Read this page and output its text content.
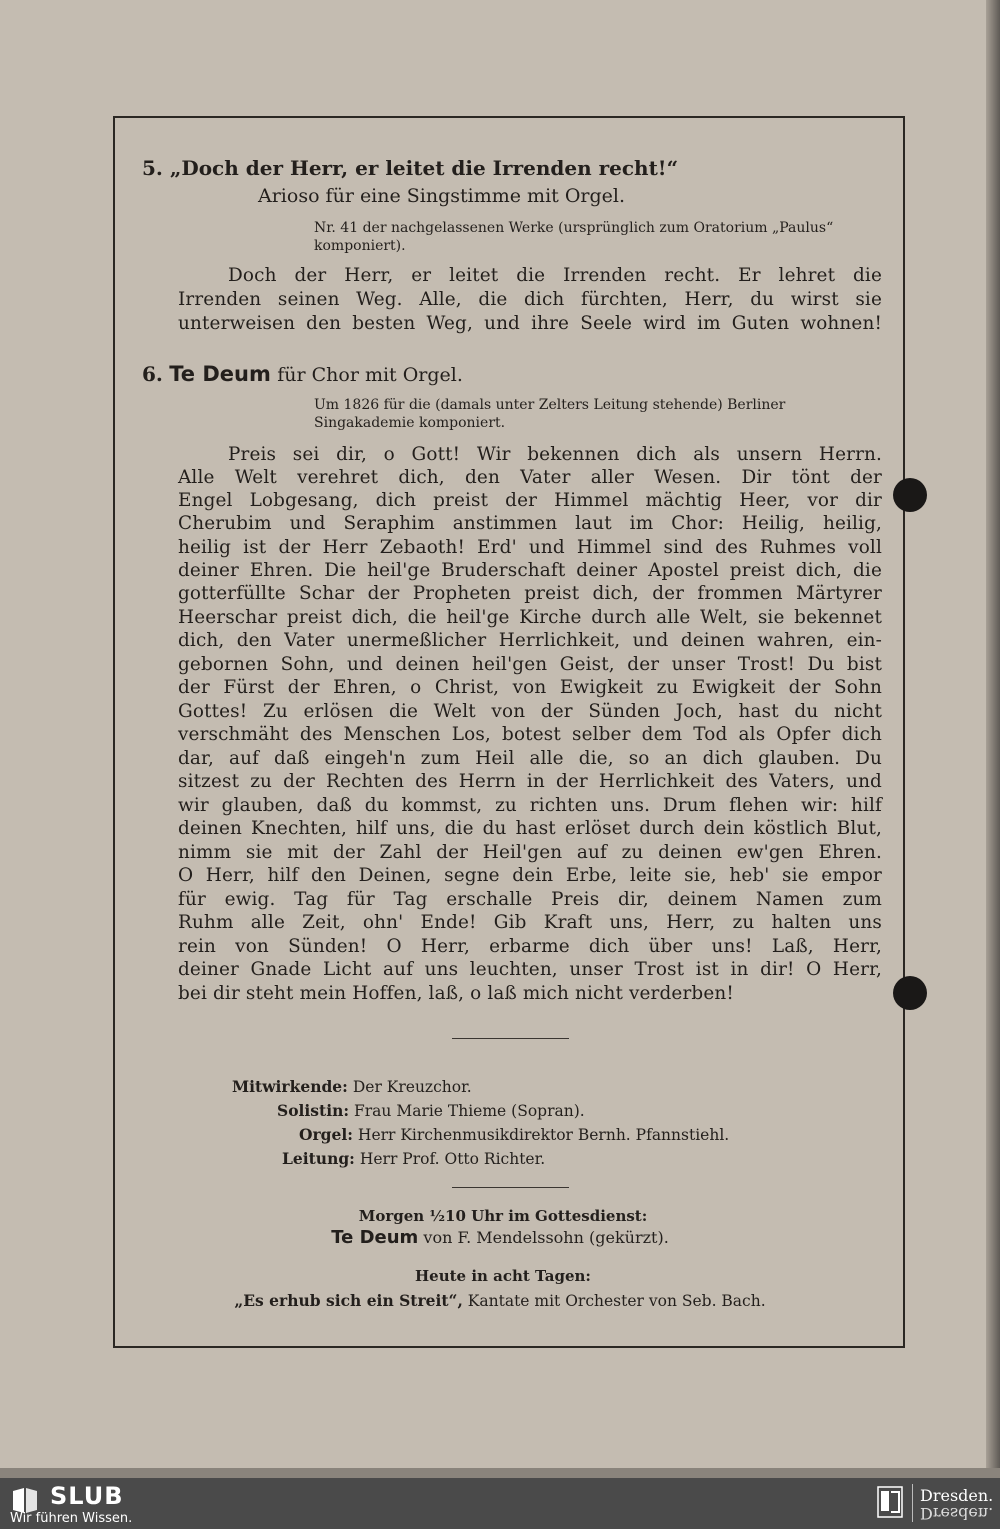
5. „Doch der Herr, er leitet die Irrenden recht!“
Arioso für eine Singstimme mit Orgel.
Nr. 41 der nachgelassenen Werke (ursprünglich zum Oratorium „Paulus“
komponiert).
Doch der Herr, er leitet die Irrenden recht. Er lehret die
Irrenden seinen Weg. Alle, die dich fürchten, Herr, du wirst sie
unterweisen den besten Weg, und ihre Seele wird im Guten wohnen!
6. Te Deum für Chor mit Orgel.
Um 1826 für die (damals unter Zelters Leitung stehende) Berliner
Singakademie komponiert.
Preis sei dir, o Gott! Wir bekennen dich als unsern Herrn.
Alle Welt verehret dich, den Vater aller Wesen. Dir tönt der
Engel Lobgesang, dich preist der Himmel mächtig Heer, vor dir
Cherubim und Seraphim anstimmen laut im Chor: Heilig, heilig,
heilig ist der Herr Zebaoth! Erd' und Himmel sind des Ruhmes voll
deiner Ehren. Die heil'ge Bruderschaft deiner Apostel preist dich, die
gotterfüllte Schar der Propheten preist dich, der frommen Märtyrer
Heerschar preist dich, die heil'ge Kirche durch alle Welt, sie bekennet
dich, den Vater unermeßlicher Herrlichkeit, und deinen wahren, ein-
gebornen Sohn, und deinen heil'gen Geist, der unser Trost! Du bist
der Fürst der Ehren, o Christ, von Ewigkeit zu Ewigkeit der Sohn
Gottes! Zu erlösen die Welt von der Sünden Joch, hast du nicht
verschmäht des Menschen Los, botest selber dem Tod als Opfer dich
dar, auf daß eingeh'n zum Heil alle die, so an dich glauben. Du
sitzest zu der Rechten des Herrn in der Herrlichkeit des Vaters, und
wir glauben, daß du kommst, zu richten uns. Drum flehen wir: hilf
deinen Knechten, hilf uns, die du hast erlöset durch dein köstlich Blut,
nimm sie mit der Zahl der Heil'gen auf zu deinen ew'gen Ehren.
O Herr, hilf den Deinen, segne dein Erbe, leite sie, heb' sie empor
für ewig. Tag für Tag erschalle Preis dir, deinem Namen zum
Ruhm alle Zeit, ohn' Ende! Gib Kraft uns, Herr, zu halten uns
rein von Sünden! O Herr, erbarme dich über uns! Laß, Herr,
deiner Gnade Licht auf uns leuchten, unser Trost ist in dir! O Herr,
bei dir steht mein Hoffen, laß, o laß mich nicht verderben!
Mitwirkende: Der Kreuzchor.
Solistin: Frau Marie Thieme (Sopran).
Orgel: Herr Kirchenmusikdirektor Bernh. Pfannstiehl.
Leitung: Herr Prof. Otto Richter.
Morgen ½10 Uhr im Gottesdienst:
Te Deum von F. Mendelssohn (gekürzt).
Heute in acht Tagen:
„Es erhub sich ein Streit“, Kantate mit Orchester von Seb. Bach.
SLUB
Wir führen Wissen.
Dresden.
Dresden.
